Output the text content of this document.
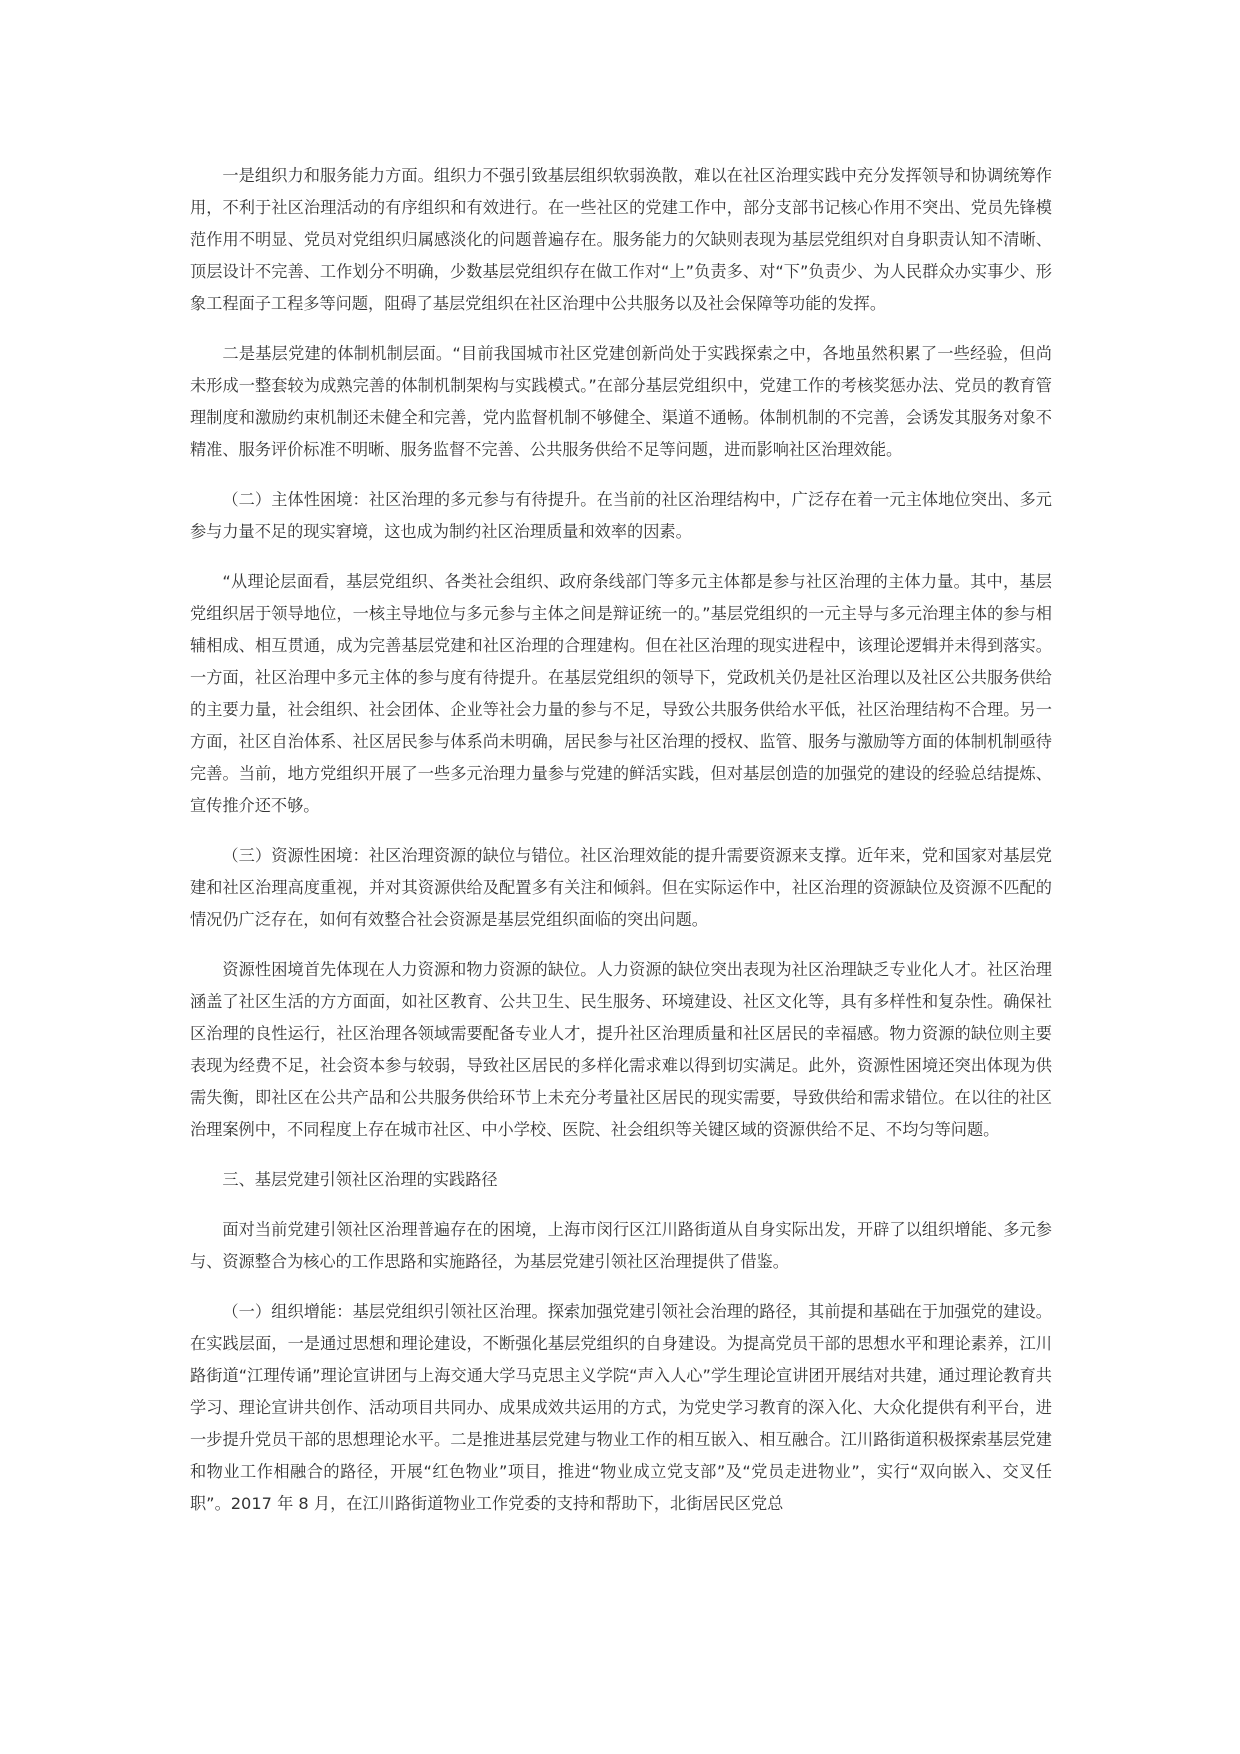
一是组织力和服务能力方面。组织力不强引致基层组织软弱涣散，难以在社区治理实践中充分发挥领导和协调统筹作用，不利于社区治理活动的有序组织和有效进行。在一些社区的党建工作中，部分支部书记核心作用不突出、党员先锋模范作用不明显、党员对党组织归属感淡化的问题普遍存在。服务能力的欠缺则表现为基层党组织对自身职责认知不清晰、顶层设计不完善、工作划分不明确，少数基层党组织存在做工作对“上”负责多、对“下”负责少、为人民群众办实事少、形象工程面子工程多等问题，阻碍了基层党组织在社区治理中公共服务以及社会保障等功能的发挥。

二是基层党建的体制机制层面。“目前我国城市社区党建创新尚处于实践探索之中，各地虽然积累了一些经验，但尚未形成一整套较为成熟完善的体制机制架构与实践模式。”在部分基层党组织中，党建工作的考核奖惩办法、党员的教育管理制度和激励约束机制还未健全和完善，党内监督机制不够健全、渠道不通畅。体制机制的不完善，会诱发其服务对象不精准、服务评价标准不明晰、服务监督不完善、公共服务供给不足等问题，进而影响社区治理效能。

（二）主体性困境：社区治理的多元参与有待提升。在当前的社区治理结构中，广泛存在着一元主体地位突出、多元参与力量不足的现实窘境，这也成为制约社区治理质量和效率的因素。

“从理论层面看，基层党组织、各类社会组织、政府条线部门等多元主体都是参与社区治理的主体力量。其中，基层党组织居于领导地位，一核主导地位与多元参与主体之间是辩证统一的。”基层党组织的一元主导与多元治理主体的参与相辅相成、相互贯通，成为完善基层党建和社区治理的合理建构。但在社区治理的现实进程中，该理论逻辑并未得到落实。一方面，社区治理中多元主体的参与度有待提升。在基层党组织的领导下，党政机关仍是社区治理以及社区公共服务供给的主要力量，社会组织、社会团体、企业等社会力量的参与不足，导致公共服务供给水平低，社区治理结构不合理。另一方面，社区自治体系、社区居民参与体系尚未明确，居民参与社区治理的授权、监管、服务与激励等方面的体制机制亟待完善。当前，地方党组织开展了一些多元治理力量参与党建的鲜活实践，但对基层创造的加强党的建设的经验总结提炼、宣传推介还不够。

（三）资源性困境：社区治理资源的缺位与错位。社区治理效能的提升需要资源来支撑。近年来，党和国家对基层党建和社区治理高度重视，并对其资源供给及配置多有关注和倾斜。但在实际运作中，社区治理的资源缺位及资源不匹配的情况仍广泛存在，如何有效整合社会资源是基层党组织面临的突出问题。

资源性困境首先体现在人力资源和物力资源的缺位。人力资源的缺位突出表现为社区治理缺乏专业化人才。社区治理涵盖了社区生活的方方面面，如社区教育、公共卫生、民生服务、环境建设、社区文化等，具有多样性和复杂性。确保社区治理的良性运行，社区治理各领域需要配备专业人才，提升社区治理质量和社区居民的幸福感。物力资源的缺位则主要表现为经费不足，社会资本参与较弱，导致社区居民的多样化需求难以得到切实满足。此外，资源性困境还突出体现为供需失衡，即社区在公共产品和公共服务供给环节上未充分考量社区居民的现实需要，导致供给和需求错位。在以往的社区治理案例中，不同程度上存在城市社区、中小学校、医院、社会组织等关键区域的资源供给不足、不均匀等问题。

三、基层党建引领社区治理的实践路径

面对当前党建引领社区治理普遍存在的困境，上海市闵行区江川路街道从自身实际出发，开辟了以组织增能、多元参与、资源整合为核心的工作思路和实施路径，为基层党建引领社区治理提供了借鉴。

（一）组织增能：基层党组织引领社区治理。探索加强党建引领社会治理的路径，其前提和基础在于加强党的建设。在实践层面，一是通过思想和理论建设，不断强化基层党组织的自身建设。为提高党员干部的思想水平和理论素养，江川路街道“江理传诵”理论宣讲团与上海交通大学马克思主义学院“声入人心”学生理论宣讲团开展结对共建，通过理论教育共学习、理论宣讲共创作、活动项目共同办、成果成效共运用的方式，为党史学习教育的深入化、大众化提供有利平台，进一步提升党员干部的思想理论水平。二是推进基层党建与物业工作的相互嵌入、相互融合。江川路街道积极探索基层党建和物业工作相融合的路径，开展“红色物业”项目，推进“物业成立党支部”及“党员走进物业”，实行“双向嵌入、交叉任职”。2017 年 8 月，在江川路街道物业工作党委的支持和帮助下，北街居民区党总
